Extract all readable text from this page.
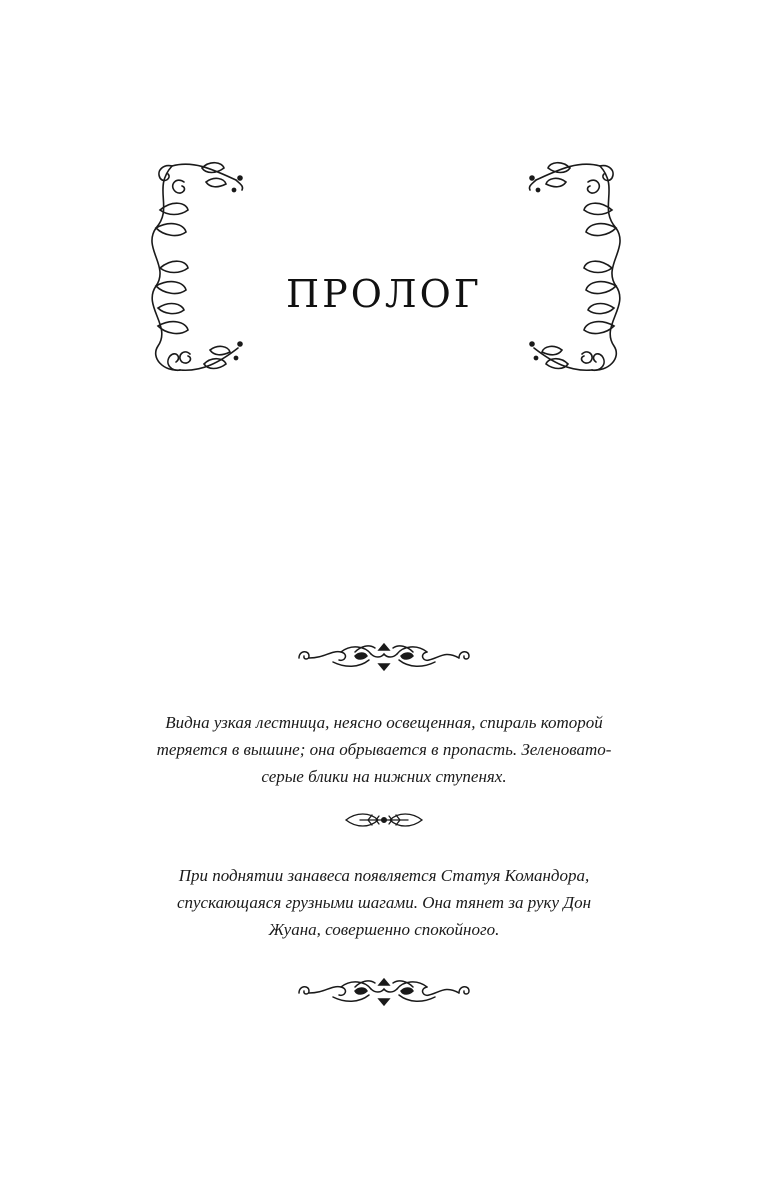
ПРОЛОГ

Видна узкая лестница, неясно освещенная, спираль которой

теряется в вышине; она обрывается в пропасть. Зеленовато-

серые блики на нижних ступенях.

При поднятии занавеса появляется Статуя Командора,

спускающаяся грузными шагами. Она тянет за руку Дон

Жуана, совершенно спокойного.
